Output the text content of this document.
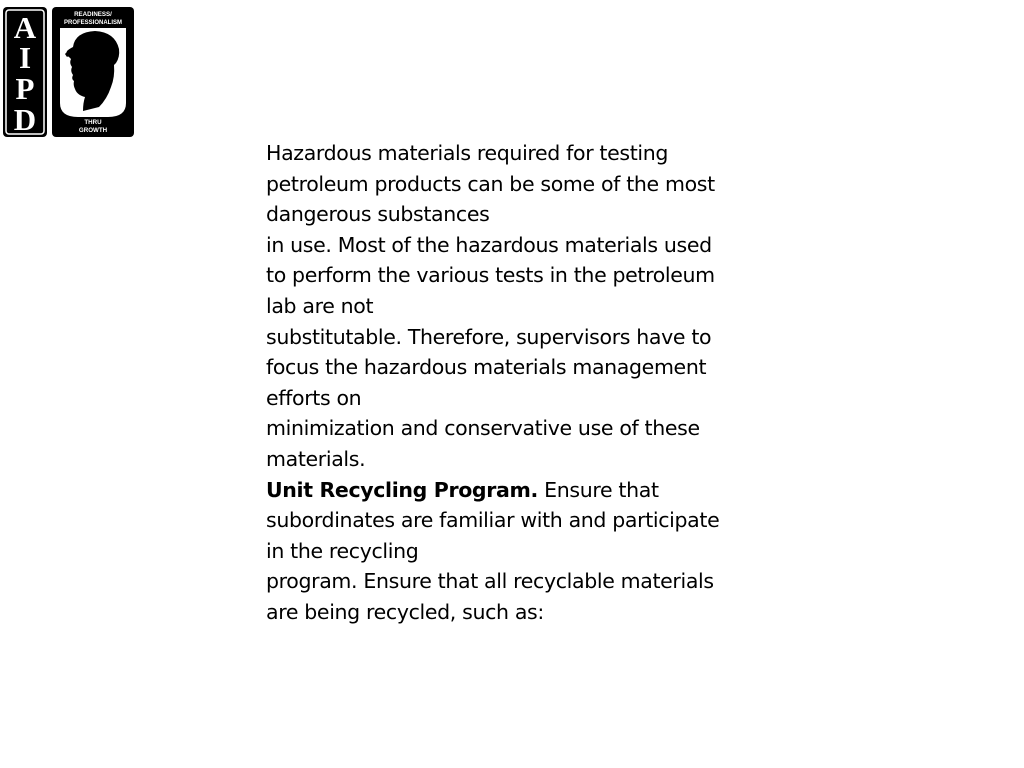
A
I
P
D
READINESS/
PROFESSIONALISM
THRU
GROWTH
Hazardous materials required for testing
petroleum products can be some of the most
dangerous substances
in use. Most of the hazardous materials used
to perform the various tests in the petroleum
lab are not
substitutable. Therefore, supervisors have to
focus the hazardous materials management
efforts on
minimization and conservative use of these
materials.
Unit Recycling Program. Ensure that
subordinates are familiar with and participate
in the recycling
program. Ensure that all recyclable materials
are being recycled, such as:
